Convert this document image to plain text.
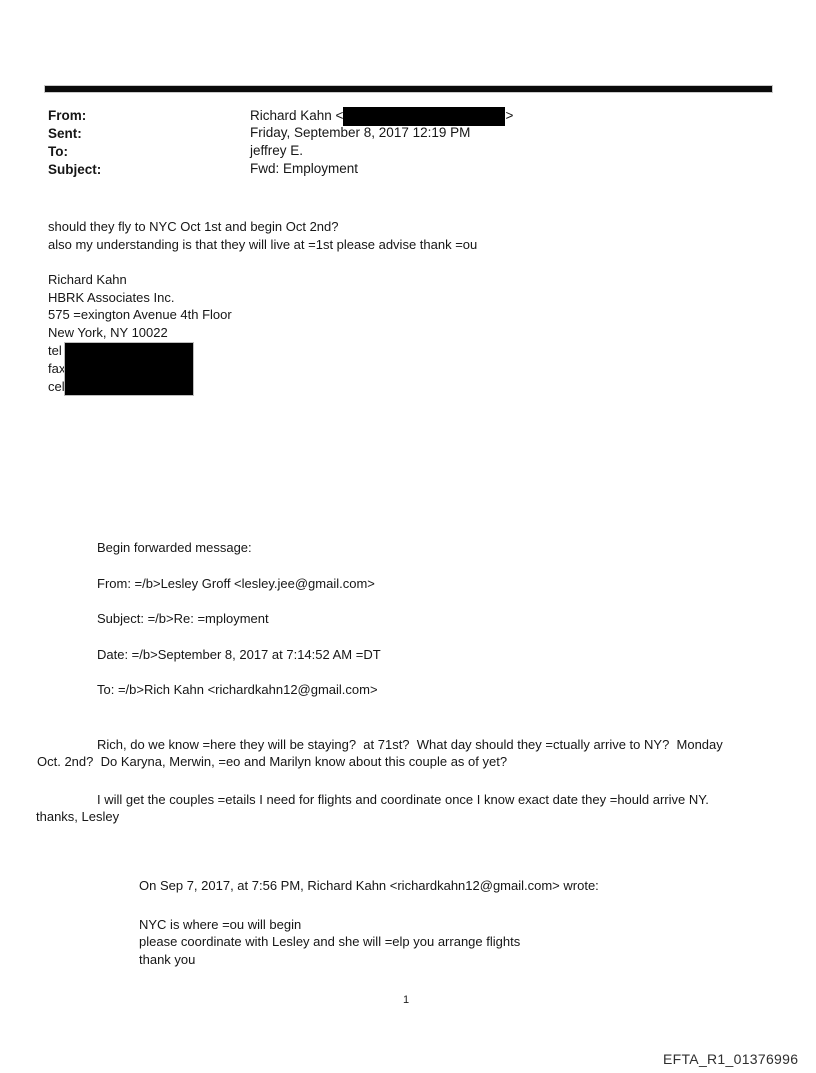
From:	Richard Kahn <	>
Sent:	Friday, September 8, 2017 12:19 PM
To:	jeffrey E.
Subject:	Fwd: Employment
should they fly to NYC Oct 1st and begin Oct 2nd?
also my understanding is that they will live at =1st please advise thank =ou
Richard Kahn
HBRK Associates Inc.
575 =exington Avenue 4th Floor
New York, NY 10022
tel
fax
cel
Begin forwarded message:
From: =/b>Lesley Groff <lesley.jee@gmail.com>
Subject: =/b>Re: =mployment
Date: =/b>September 8, 2017 at 7:14:52 AM =DT
To: =/b>Rich Kahn <richardkahn12@gmail.com>
Rich, do we know =here they will be staying?  at 71st?  What day should they =ctually arrive to NY?  Monday
Oct. 2nd?  Do Karyna, Merwin, =eo and Marilyn know about this couple as of yet?
I will get the couples =etails I need for flights and coordinate once I know exact date they =hould arrive NY.
thanks, Lesley
On Sep 7, 2017, at 7:56 PM, Richard Kahn <richardkahn12@gmail.com> wrote:
NYC is where =ou will begin
please coordinate with Lesley and she will =elp you arrange flights
thank you
1
EFTA_R1_01376996
